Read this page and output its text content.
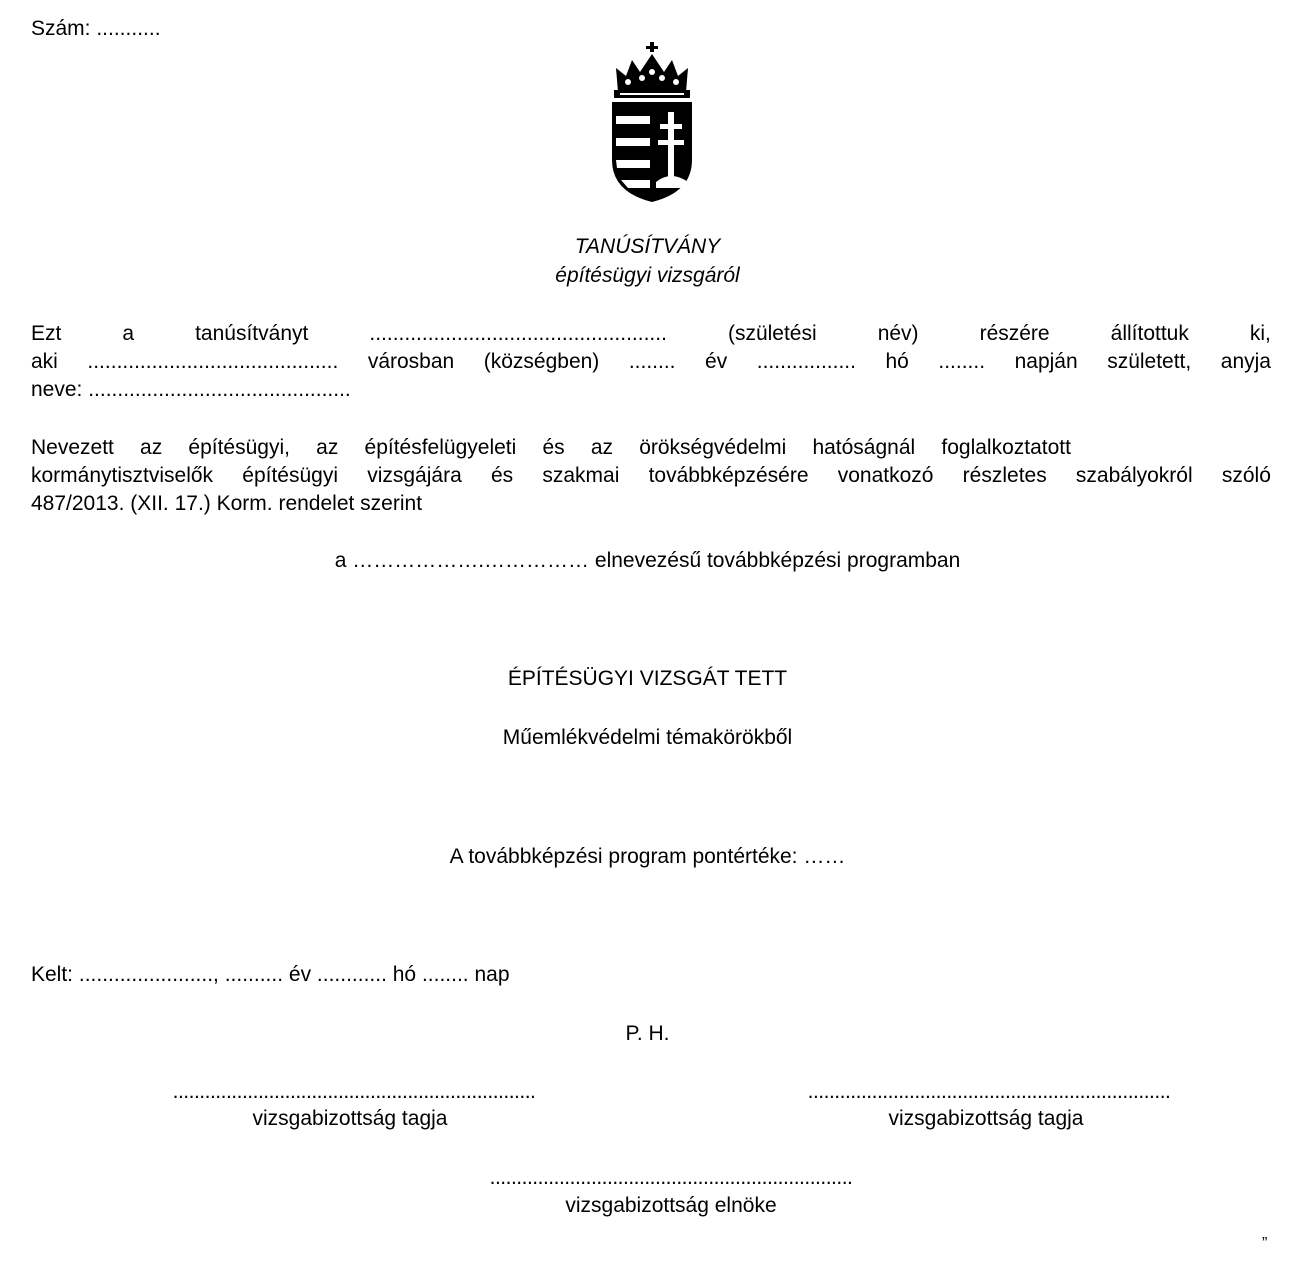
Szám: ...........
TANÚSÍTVÁNY
építésügyi vizsgáról
Ezt	a	tanúsítványt	...................................................	(születési	név)	részére	állítottuk	ki,
aki ........................................... városban (községben) ........ év ................. hó ........ napján született, anyja
neve: .............................................
Nevezett az építésügyi, az építésfelügyeleti és az örökségvédelmi hatóságnál foglalkoztatott
kormánytisztviselők építésügyi vizsgájára és szakmai továbbképzésére vonatkozó részletes szabályokról szóló
487/2013. (XII. 17.) Korm. rendelet szerint
a ……………….…………… elnevezésű továbbképzési programban
ÉPÍTÉSÜGYI VIZSGÁT TETT
Műemlékvédelmi témakörökből
A továbbképzési program pontértéke: ……
Kelt: ......................., .......... év ............ hó ........ nap
P. H.
....................................................................
vizsgabizottság tagja
....................................................................
vizsgabizottság tagja
....................................................................
vizsgabizottság elnöke
”
